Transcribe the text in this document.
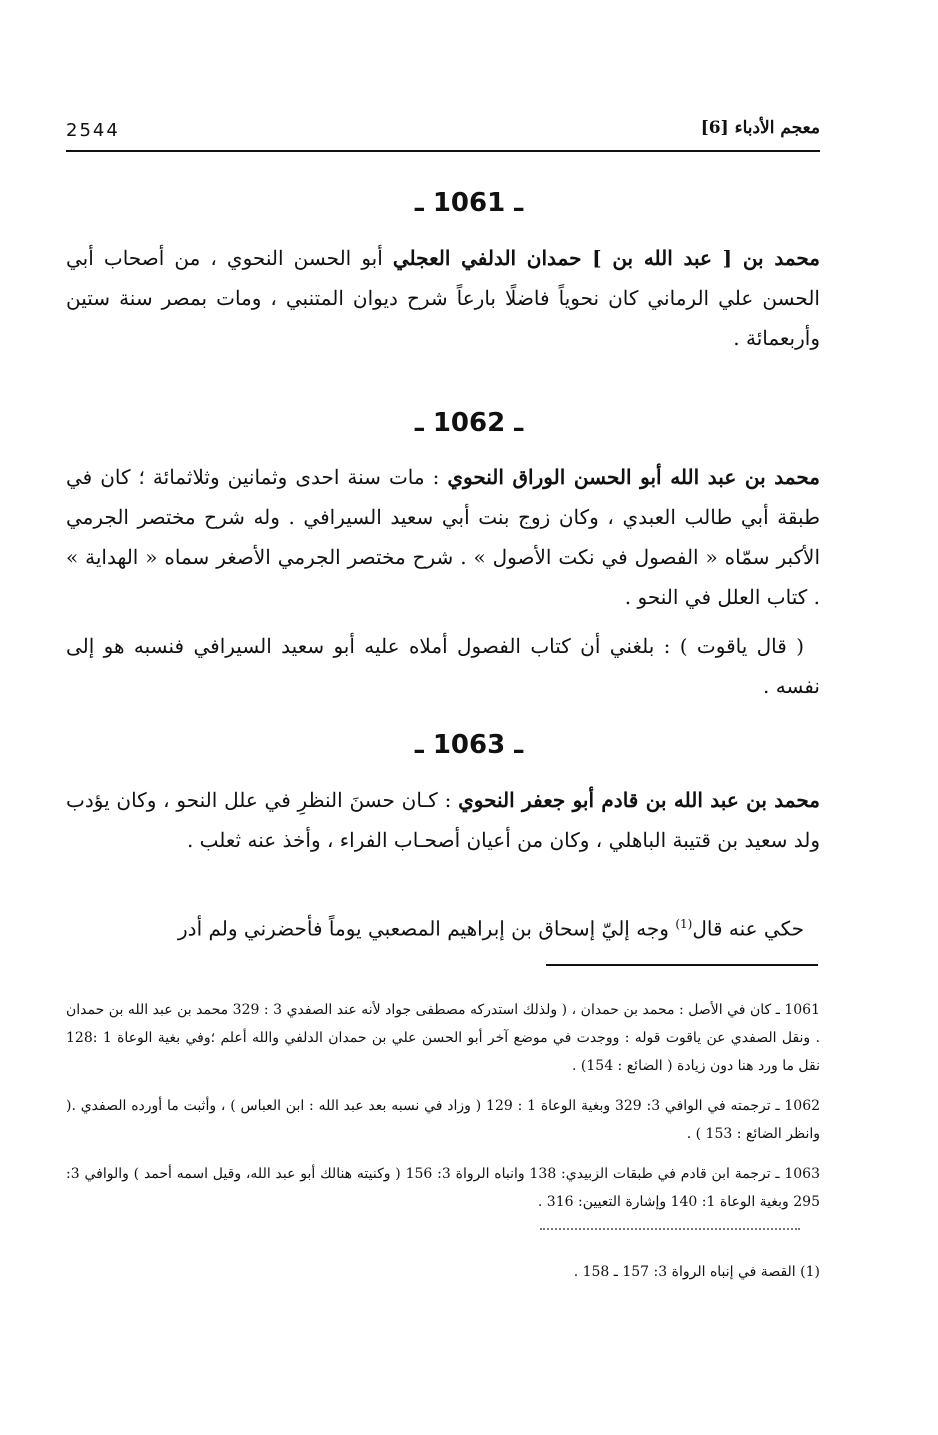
2544	معجم الأدباء [6]
ـ 1061 ـ

محمد بن [ عبد الله بن ] حمدان الدلفي العجلي أبو الحسن النحوي ، من أصحاب أبي الحسن علي الرماني كان نحوياً فاضلًا بارعاً شرح ديوان المتنبي ، ومات بمصر سنة ستين وأربعمائة .

ـ 1062 ـ

محمد بن عبد الله أبو الحسن الوراق النحوي : مات سنة احدى وثمانين وثلاثمائة ؛ كان في طبقة أبي طالب العبدي ، وكان زوج بنت أبي سعيد السيرافي . وله شرح مختصر الجرمي الأكبر سمّاه « الفصول في نكت الأصول » . شرح مختصر الجرمي الأصغر سماه « الهداية » . كتاب العلل في النحو .

( قال ياقوت ) : بلغني أن كتاب الفصول أملاه عليه أبو سعيد السيرافي فنسبه هو إلى نفسه .

ـ 1063 ـ

محمد بن عبد الله بن قادم أبو جعفر النحوي : كـان حسنَ النظرِ في علل النحو ، وكان يؤدب ولد سعيد بن قتيبة الباهلي ، وكان من أعيان أصحـاب الفراء ، وأخذ عنه ثعلب .

حكي عنه قال$^{(1)}$ وجه إليّ إسحاق بن إبراهيم المصعبي يوماً فأحضرني ولم أدر

1061 ـ كان في الأصل : محمد بن حمدان ، ( ولذلك استدركه مصطفى جواد لأنه عند الصفدي 3 : 329 محمد بن عبد الله بن حمدان . ونقل الصفدي عن ياقوت قوله : ووجدت في موضع آخر أبو الحسن علي بن حمدان الدلفي والله أعلم ؛وفي بغية الوعاة 1 :128 نقل ما ورد هنا دون زيادة ( الضائع : 154) .

1062 ـ ترجمته في الوافي 3: 329 وبغية الوعاة 1 : 129 ( وزاد في نسبه بعد عبد الله : ابن العباس ) ، وأثبت ما أورده الصفدي .( وانظر الضائع : 153 ) .

1063 ـ ترجمة ابن قادم في طبقات الزبيدي: 138 وانباه الرواة 3: 156 ( وكنيته هنالك أبو عبد الله، وقيل اسمه أحمد ) والوافي 3: 295 وبغية الوعاة 1: 140 وإشارة التعيين: 316 .

(1) القصة في إنباه الرواة 3: 157 ـ 158 .
